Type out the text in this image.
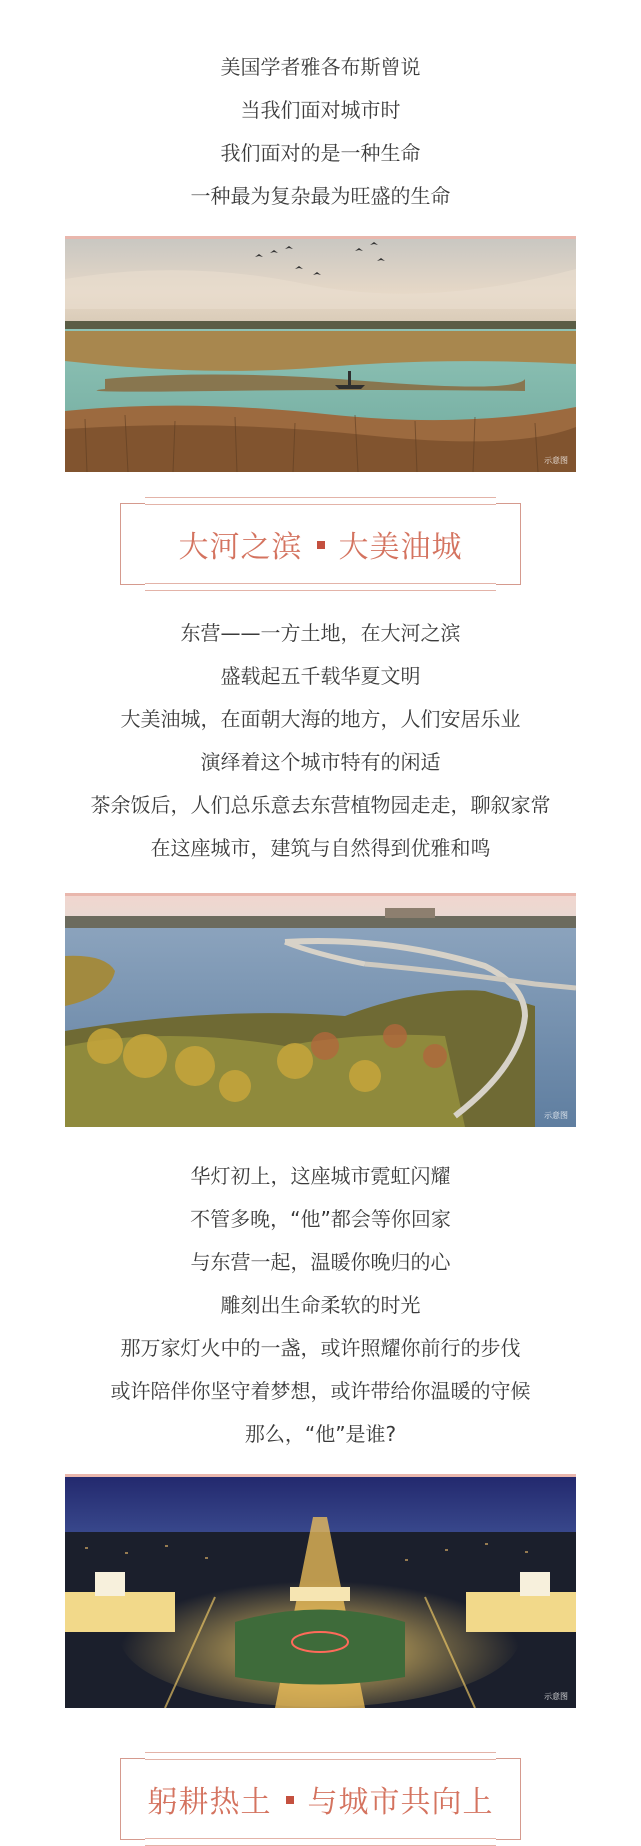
美国学者雅各布斯曾说

当我们面对城市时

我们面对的是一种生命

一种最为复杂最为旺盛的生命

示意图
大河之滨 大美油城

东营——一方土地，在大河之滨

盛载起五千载华夏文明

大美油城，在面朝大海的地方，人们安居乐业

演绎着这个城市特有的闲适

茶余饭后，人们总乐意去东营植物园走走，聊叙家常

在这座城市，建筑与自然得到优雅和鸣

示意图

华灯初上，这座城市霓虹闪耀

不管多晚，“他”都会等你回家

与东营一起，温暖你晚归的心

雕刻出生命柔软的时光

那万家灯火中的一盏，或许照耀你前行的步伐

或许陪伴你坚守着梦想，或许带给你温暖的守候

那么，“他”是谁?

示意图
躬耕热土 与城市共向上
